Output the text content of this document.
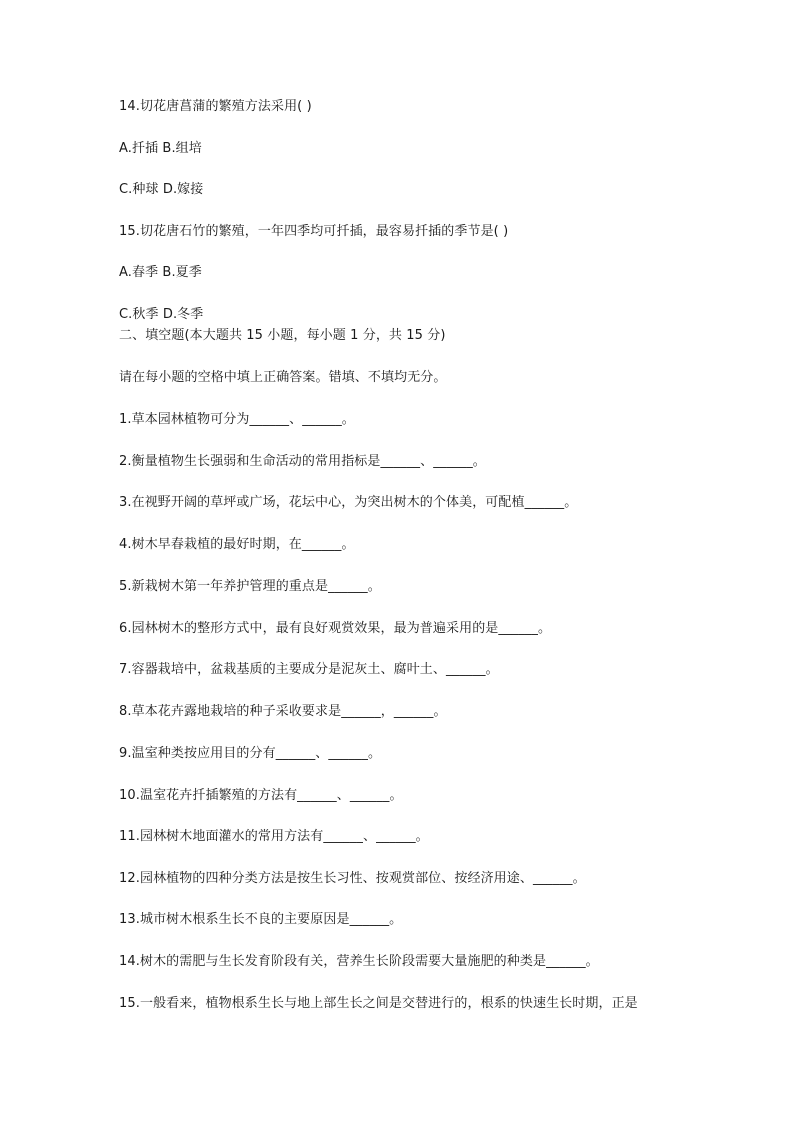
14.切花唐菖蒲的繁殖方法采用( )
A.扦插 B.组培
C.种球 D.嫁接
15.切花唐石竹的繁殖，一年四季均可扦插，最容易扦插的季节是( )
A.春季 B.夏季
C.秋季 D.冬季
二、填空题(本大题共 15 小题，每小题 1 分，共 15 分)
请在每小题的空格中填上正确答案。错填、不填均无分。
1.草本园林植物可分为______、______。
2.衡量植物生长强弱和生命活动的常用指标是______、______。
3.在视野开阔的草坪或广场，花坛中心，为突出树木的个体美，可配植______。
4.树木早春栽植的最好时期，在______。
5.新栽树木第一年养护管理的重点是______。
6.园林树木的整形方式中，最有良好观赏效果，最为普遍采用的是______。
7.容器栽培中，盆栽基质的主要成分是泥灰土、腐叶土、______。
8.草本花卉露地栽培的种子采收要求是______，______。
9.温室种类按应用目的分有______、______。
10.温室花卉扦插繁殖的方法有______、______。
11.园林树木地面灌水的常用方法有______、______。
12.园林植物的四种分类方法是按生长习性、按观赏部位、按经济用途、______。
13.城市树木根系生长不良的主要原因是______。
14.树木的需肥与生长发育阶段有关，营养生长阶段需要大量施肥的种类是______。
15.一般看来，植物根系生长与地上部生长之间是交替进行的，根系的快速生长时期，正是
